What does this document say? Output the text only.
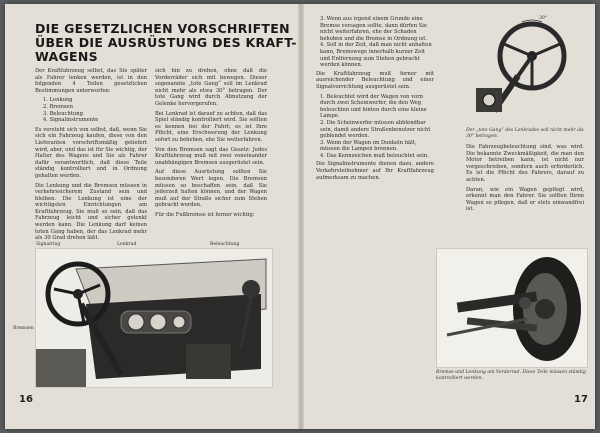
DIE GESETZLICHEN VORSCHRIFTEN
ÜBER DIE AUSRÜSTUNG DES KRAFT-
WAGENS

Der Kraftfahrzeug selbst, das Sie später als Fahrer lenken werden, ist in den folgenden 4 Teilen gesetzlichen Bestimmungen unterworfen:

1. Lenkung
2. Bremsen
3. Beleuchtung
4. Signalinstrumente

Es versteht sich von selbst, daß, wenn Sie sich ein Fahrzeug kaufen, diese von den Lieferanten vorschriftsmäßig geliefert wird, aber, und das ist für Sie wichtig, der Halter des Wagens und Sie als Fahrer dafür verantwortlich, daß diese Teile ständig kontrolliert und in Ordnung gehalten werden.

Die Lenkung und die Bremsen müssen in verkehrssicherem Zustand sein und bleiben. Die Lenkung ist eine der wichtigsten Einrichtungen am Kraftfahrzeug. Sie muß so sein, daß das Fahrzeug leicht und sicher gelenkt werden kann. Die Lenkung darf keinen toten Gang haben, der das Lenkrad mehr als 30 Grad drehen läßt.

sich hin zu drehen, ohne daß die Vorderräder sich mit bewegen. Dieser sogenannte „tote Gang“ soll im Lenkrad nicht mehr als etwa 30° betragen. Der tote Gang wird durch Abnutzung der Gelenke hervorgerufen.

Bei Lenkrad ist darauf zu achten, daß das Spiel ständig kontrolliert wird. Sie sollten es kennen bei der Fahrt; es ist Ihre Pflicht, eine Erschwerung der Lenkung sofort zu beheben, ehe Sie weiterfahren.

Von den Bremsen sagt das Gesetz: Jedes Kraftfahrzeug muß mit zwei voneinander unabhängigen Bremsen ausgerüstet sein.

Auf diese Ausrüstung sollten Sie besonderen Wert legen. Die Bremsen müssen so beschaffen sein, daß Sie jederzeit halten können, und der Wagen muß auf der Straße sicher zum Stehen gebracht werden.

Für die Fußbremse ist ferner wichtig:

Signalring	Lenkrad	Beleuchtung
Bremsen
Die 4 Teile am Kraftwagen, für deren Instandhaltung Sie besonders verantwortlich sind.
16
3. Wenn aus irgend einem Grunde eine Bremse versagen sollte, dann dürfen Sie nicht weiterfahren, ehe der Schaden behoben und die Bremse in Ordnung ist.
4. Soll in der Zeit, daß man nicht anhalten kann, Bremswege innerhalb kurzer Zeit und Entfernung zum Stehen gebracht werden können.

Die Kraftfahrzeug muß ferner mit ausreichender Beleuchtung und einer Signalvorrichtung ausgerüstet sein.

1. Beleuchtet wird der Wagen von vorn durch zwei Scheinwerfer, die den Weg beleuchten und hinten durch eine kleine Lampe.
2. Die Scheinwerfer müssen abblendbar sein, damit andere Straßenbenutzer nicht geblendet werden.
3. Wenn der Wagen im Dunkeln hält, müssen die Lampen brennen.
4. Das Kennzeichen muß beleuchtet sein.

Die Signalinstrumente dienen dazu, andere Verkehrsteilnehmer auf Ihr Kraftfahrzeug aufmerksam zu machen.

30°
Der „tote Gang“ des Lenkrades soll nicht mehr als 30° betragen.

Die Fahrzeugbeleuchtung sind, was wird. Die bekannte Zweckmäßigkeit, die man den Motor betreiben kann, ist nicht nur vorgeschrieben, sondern auch erforderlich. Es ist die Pflicht des Fahrers, darauf zu achten.

Daran, wie ein Wagen gepflegt wird, erkennt man den Fahrer. Sie sollten Ihren Wagen so pflegen, daß er stets einwandfrei ist.

Bremse und Lenkung am Vorderrad. Diese Teile müssen ständig kontrolliert werden.
17
